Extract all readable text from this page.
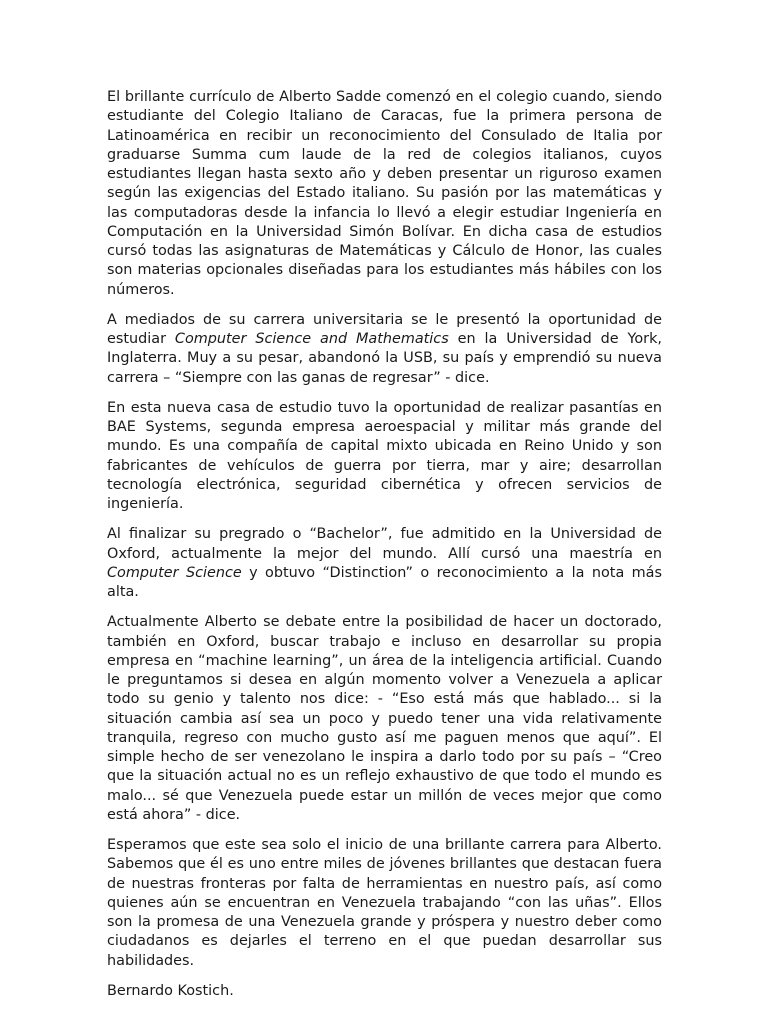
El brillante currículo de Alberto Sadde comenzó en el colegio cuando, siendo estudiante del Colegio Italiano de Caracas, fue la primera persona de Latinoamérica en recibir un reconocimiento del Consulado de Italia por graduarse Summa cum laude de la red de colegios italianos, cuyos estudiantes llegan hasta sexto año y deben presentar un riguroso examen según las exigencias del Estado italiano. Su pasión por las matemáticas y las computadoras desde la infancia lo llevó a elegir estudiar Ingeniería en Computación en la Universidad Simón Bolívar. En dicha casa de estudios cursó todas las asignaturas de Matemáticas y Cálculo de Honor, las cuales son materias opcionales diseñadas para los estudiantes más hábiles con los números.

A mediados de su carrera universitaria se le presentó la oportunidad de estudiar Computer Science and Mathematics en la Universidad de York, Inglaterra. Muy a su pesar, abandonó la USB, su país y emprendió su nueva carrera – “Siempre con las ganas de regresar” - dice.

En esta nueva casa de estudio tuvo la oportunidad de realizar pasantías en BAE Systems, segunda empresa aeroespacial y militar más grande del mundo. Es una compañía de capital mixto ubicada en Reino Unido y son fabricantes de vehículos de guerra por tierra, mar y aire; desarrollan tecnología electrónica, seguridad cibernética y ofrecen servicios de ingeniería.

Al finalizar su pregrado o “Bachelor”, fue admitido en la Universidad de Oxford, actualmente la mejor del mundo. Allí cursó una maestría en Computer Science y obtuvo “Distinction” o reconocimiento a la nota más alta.

Actualmente Alberto se debate entre la posibilidad de hacer un doctorado, también en Oxford, buscar trabajo e incluso en desarrollar su propia empresa en “machine learning”, un área de la inteligencia artificial. Cuando le preguntamos si desea en algún momento volver a Venezuela a aplicar todo su genio y talento nos dice: - “Eso está más que hablado... si la situación cambia así sea un poco y puedo tener una vida relativamente tranquila, regreso con mucho gusto así me paguen menos que aquí”. El simple hecho de ser venezolano le inspira a darlo todo por su país – “Creo que la situación actual no es un reflejo exhaustivo de que todo el mundo es malo... sé que Venezuela puede estar un millón de veces mejor que como está ahora” - dice.

Esperamos que este sea solo el inicio de una brillante carrera para Alberto. Sabemos que él es uno entre miles de jóvenes brillantes que destacan fuera de nuestras fronteras por falta de herramientas en nuestro país, así como quienes aún se encuentran en Venezuela trabajando “con las uñas”. Ellos son la promesa de una Venezuela grande y próspera y nuestro deber como ciudadanos es dejarles el terreno en el que puedan desarrollar sus habilidades.

Bernardo Kostich.
